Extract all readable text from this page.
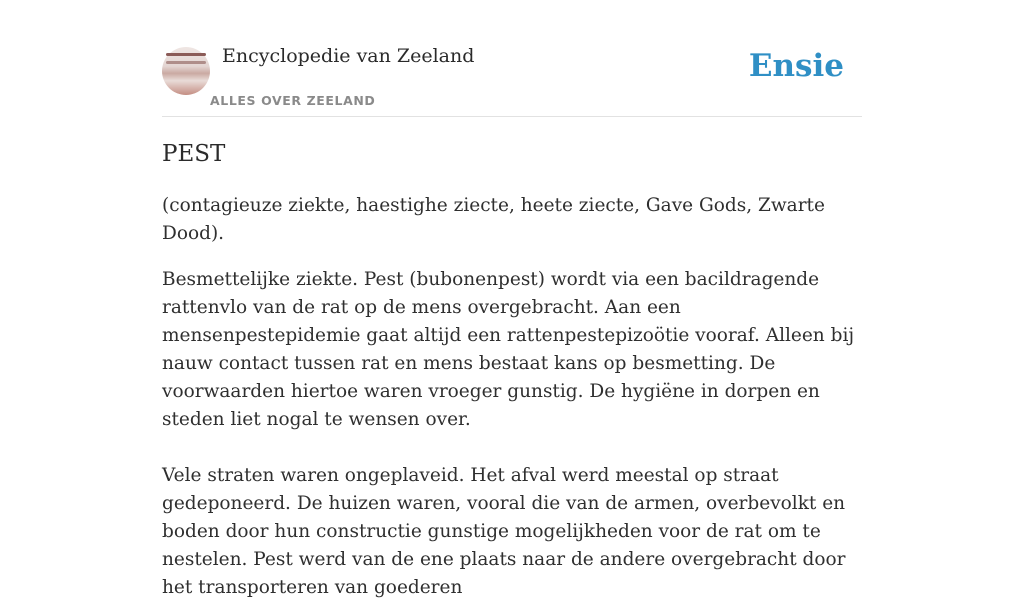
Encyclopedie van Zeeland
ALLES OVER ZEELAND
Ensie
PEST

(contagieuze ziekte, haestighe ziecte, heete ziecte, Gave Gods, Zwarte Dood).

Besmettelijke ziekte. Pest (bubonenpest) wordt via een bacildragende rattenvlo van de rat op de mens overgebracht. Aan een mensenpestepidemie gaat altijd een rattenpestepizoötie vooraf. Alleen bij nauw contact tussen rat en mens bestaat kans op besmetting. De voorwaarden hiertoe waren vroeger gunstig. De hygiëne in dorpen en steden liet nogal te wensen over.

Vele straten waren ongeplaveid. Het afval werd meestal op straat gedeponeerd. De huizen waren, vooral die van de armen, overbevolkt en boden door hun constructie gunstige mogelijkheden voor de rat om te nestelen. Pest werd van de ene plaats naar de andere overgebracht door het transporteren van goederen
